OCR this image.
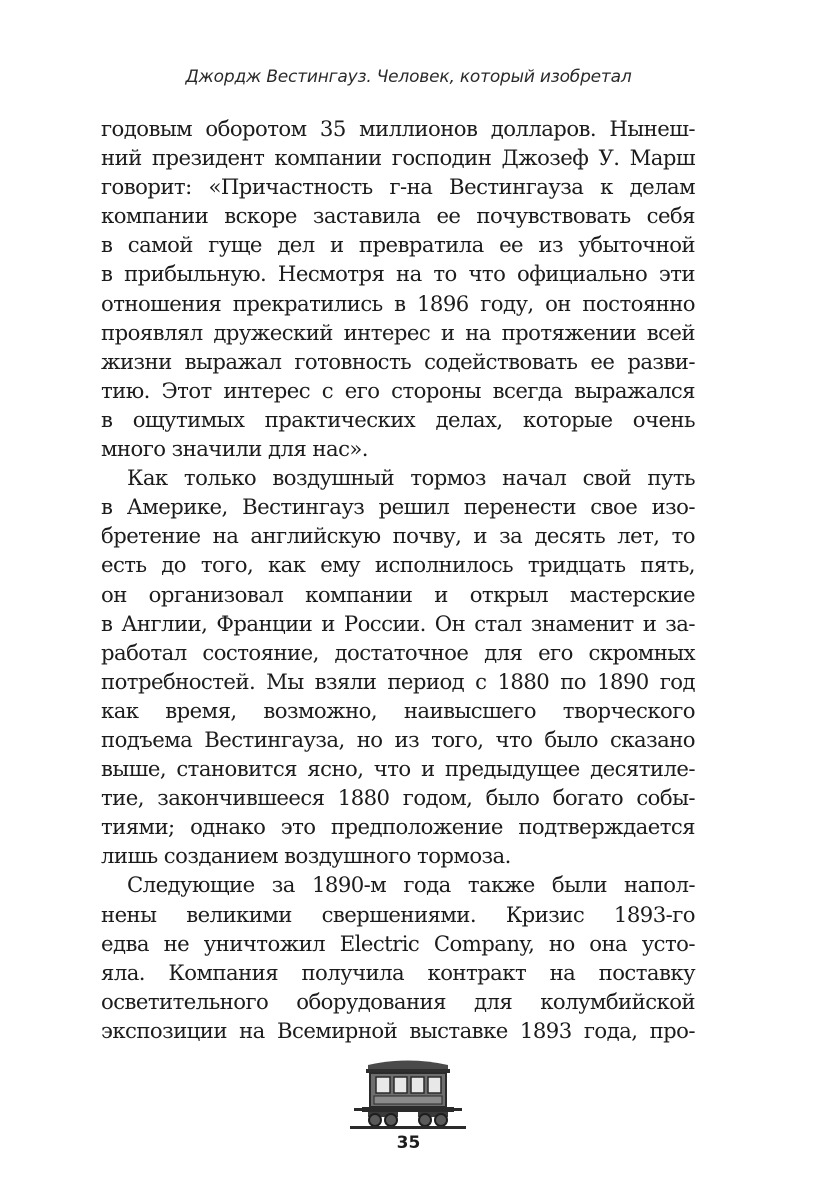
Джордж Вестингауз. Человек, который изобретал
годовым оборотом 35 миллионов долларов. Нынеш-
ний президент компании господин Джозеф У. Марш
говорит: «Причастность г-на Вестингауза к делам
компании вскоре заставила ее почувствовать себя
в самой гуще дел и превратила ее из убыточной
в прибыльную. Несмотря на то что официально эти
отношения прекратились в 1896 году, он постоянно
проявлял дружеский интерес и на протяжении всей
жизни выражал готовность содействовать ее разви-
тию. Этот интерес с его стороны всегда выражался
в ощутимых практических делах, которые очень
много значили для нас».
Как только воздушный тормоз начал свой путь
в Америке, Вестингауз решил перенести свое изо-
бретение на английскую почву, и за десять лет, то
есть до того, как ему исполнилось тридцать пять,
он организовал компании и открыл мастерские
в Англии, Франции и России. Он стал знаменит и за-
работал состояние, достаточное для его скромных
потребностей. Мы взяли период с 1880 по 1890 год
как время, возможно, наивысшего творческого
подъема Вестингауза, но из того, что было сказано
выше, становится ясно, что и предыдущее десятиле-
тие, закончившееся 1880 годом, было богато собы-
тиями; однако это предположение подтверждается
лишь созданием воздушного тормоза.
Следующие за 1890-м года также были напол-
нены великими свершениями. Кризис 1893-го
едва не уничтожил Electric Company, но она усто-
яла. Компания получила контракт на поставку
осветительного оборудования для колумбийской
экспозиции на Всемирной выставке 1893 года, про-
35
